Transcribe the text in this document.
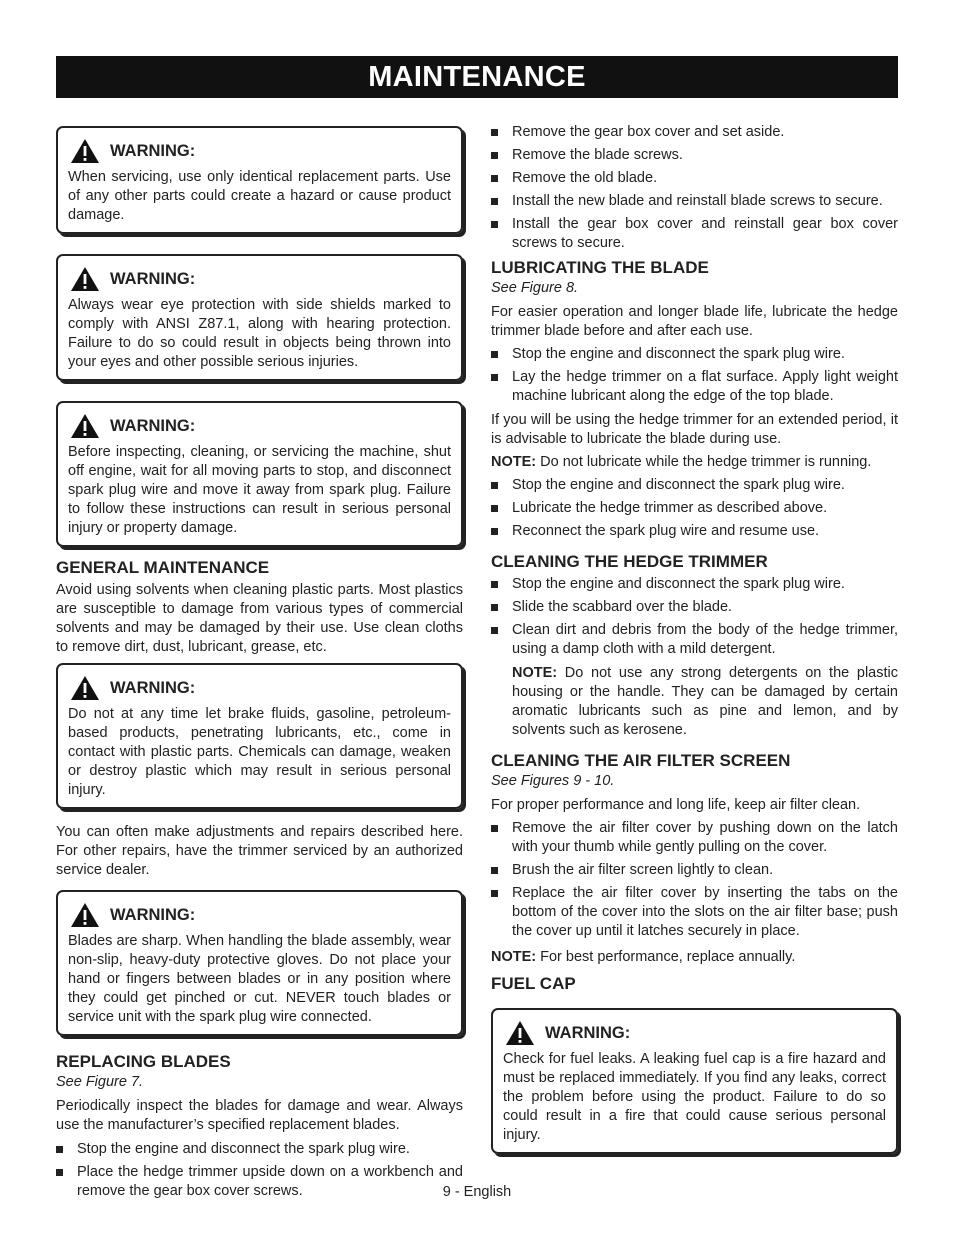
MAINTENANCE
WARNING:
When servicing, use only identical replacement parts. Use of any other parts could create a hazard or cause product damage.
WARNING:
Always wear eye protection with side shields marked to comply with ANSI Z87.1, along with hearing protection. Failure to do so could result in objects being thrown into your eyes and other possible serious injuries.
WARNING:
Before inspecting, cleaning, or servicing the machine, shut off engine, wait for all moving parts to stop, and disconnect spark plug wire and move it away from spark plug. Failure to follow these instructions can result in serious personal injury or property damage.
GENERAL MAINTENANCE

Avoid using solvents when cleaning plastic parts. Most plastics are susceptible to damage from various types of commercial solvents and may be damaged by their use. Use clean cloths to remove dirt, dust, lubricant, grease, etc.

WARNING:
Do not at any time let brake fluids, gasoline, petroleum-based products, penetrating lubricants, etc., come in contact with plastic parts. Chemicals can damage, weaken or destroy plastic which may result in serious personal injury.

You can often make adjustments and repairs described here. For other repairs, have the trimmer serviced by an authorized service dealer.

WARNING:
Blades are sharp. When handling the blade assembly, wear non-slip, heavy-duty protective gloves. Do not place your hand or fingers between blades or in any position where they could get pinched or cut. NEVER touch blades or service unit with the spark plug wire connected.
REPLACING BLADES
See Figure 7.

Periodically inspect the blades for damage and wear. Always use the manufacturer’s specified replacement blades.

Stop the engine and disconnect the spark plug wire.
Place the hedge trimmer upside down on a workbench and remove the gear box cover screws.
Remove the gear box cover and set aside.
Remove the blade screws.
Remove the old blade.
Install the new blade and reinstall blade screws to secure.
Install the gear box cover and reinstall gear box cover screws to secure.
LUBRICATING THE BLADE
See Figure 8.

For easier operation and longer blade life, lubricate the hedge trimmer blade before and after each use.

Stop the engine and disconnect the spark plug wire.
Lay the hedge trimmer on a flat surface. Apply light weight machine lubricant along the edge of the top blade.

If you will be using the hedge trimmer for an extended period, it is advisable to lubricate the blade during use.

NOTE: Do not lubricate while the hedge trimmer is running.

Stop the engine and disconnect the spark plug wire.
Lubricate the hedge trimmer as described above.
Reconnect the spark plug wire and resume use.
CLEANING THE HEDGE TRIMMER
Stop the engine and disconnect the spark plug wire.
Slide the scabbard over the blade.
Clean dirt and debris from the body of the hedge trimmer, using a damp cloth with a mild detergent.
NOTE: Do not use any strong detergents on the plastic housing or the handle. They can be damaged by certain aromatic lubricants such as pine and lemon, and by solvents such as kerosene.
CLEANING THE AIR FILTER SCREEN
See Figures 9 - 10.

For proper performance and long life, keep air filter clean.

Remove the air filter cover by pushing down on the latch with your thumb while gently pulling on the cover.
Brush the air filter screen lightly to clean.
Replace the air filter cover by inserting the tabs on the bottom of the cover into the slots on the air filter base; push the cover up until it latches securely in place.

NOTE: For best performance, replace annually.

FUEL CAP
WARNING:
Check for fuel leaks. A leaking fuel cap is a fire hazard and must be replaced immediately. If you find any leaks, correct the problem before using the product. Failure to do so could result in a fire that could cause serious personal injury.
9 - English
